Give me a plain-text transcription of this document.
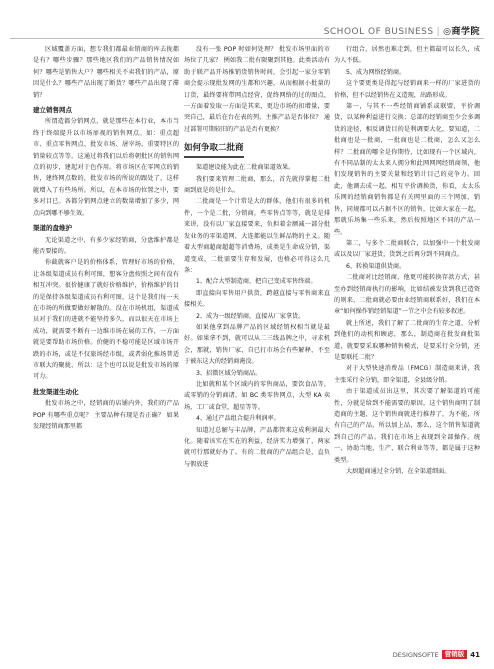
SCHOOL OF BUSINESS | ◎商学院

区域覆盖方面，想专我们都最业销商的库去拢都是有？哪些步骤？那些地区我们的产品销售情况如何？哪些是销售大户？哪些相关不卖我们的产品，原因是什么？哪些产品出现了断货？哪些产品出现了滞销？

建立销售网点

所谓造都分销网点，就是那些在本行业，本市当终于终端提升以市场扉视的销售网点。如：重点超市、重点零售网点、批发市场、屠宰场、重要特区的销量较点等等。这通过将我们以后将朝批区的销售网点的初步，建起对于色作用。将市场区在零网点的销售，建终网点数的，批发市场的所说的跟处了，这样就增入了有些场所。所以，在本市场的位置之中，要多对目已。各都分销网点建立的数量增加了多少，网点向到哪不够生效。

渠道的盘维护

无论渠道之中，有多少家经销商，分盘维护都是能否要接的。

你截就客户是的价格体系，管理好市场的价格，让各级渠道成员有利可图，想客分盘按照之间有没有相互冲突。很价健康了就好价格维护，价格维护的目的是保持各级渠道成员有利可图，这个是我们每一天在市场的所做要做好解散的。没在市场机组，渠道成员对于我们的进就不能坚持多久，而以很天在市场上成功，就需要不断有一边维市场在展的工作，一方面就是要帮助市场价格。价健的不稳可能是区域市场开跌的市场，或是不仅旅场经市级，或者弱化推场普适市联大的聚拢，所以：这个也可以说是批发市场的原可力。

批发渠道生动化

批发市场之中，经销商的店铺内外，我们的产品 POP 有哪些重点呢？ 主要品种有现是否正确？ 如果发现经销商那里都

没有一张 POP 时如何处理？ 批发市场里面的市场位了几家？ 例如我二批有限聚到其他。此类活动有助于联产品开场推销货销售时间，会引起一家分零销商会提示现批发网的生都和兴趣，从而根据小批量的订货，最终要将带网点经营，促终网络的过的图点，一方面着发取一方面是其来，更边市场的扣增量，要突自己，最后在台在表的列，主推产品是否体位？ 通过部署可期较旧的产品是否有更换？

如何争取二批商

渠道建设能为此在二批商渠道效果。

我们要来管理二批商，那么，首先就得掌握二批商到底是的是什么。

二批商是一个计常是大的群体，他们有很多的机件，一个是二批，分销商，些零售点等等，就是是排来讲，没有以厂家直接要来，负担着金额减一部分批发业务的零渠道网，大连都能以生鲜品物的主义。随着大型商超商超超等消费场，成类是生命成分销，渠道变成，二批需要生存和发展，也格必可得这么几条：

1、配合大型制造商，把自己变成零售终端。

即直接向零售用户供货，跨越直接与零售商来直接相关。

2、成为一级经销商，直接从厂家拿货。

如果他拿到品牌产品的区域经销权相当就是最好。如果拿不到，就可以从二三线品牌之中，寻求机会，那就，销售厂家，自已打市场会有些解释，不至于被东这大的经销商淹没。

3、招微区域分销商品。

比如就和某个区域内的零售商品，要饮食品等，或零销的分销商诸，如 BC 类零售网点，大型 KA 卖场，工厂或食堂，超星等等。

4、通过产品组合提升利润率。

知道过总解与丰品牌，产品都管来这成利润最大化。随着该实在实在的利益，经济实力增强了，两家就可行那就好办了。有的二批商的产品组合是，直负与假放进

行组合，居然也难走到，但主都最可以长久，成为人不低。

5、成为网络经销商。

这个要更类是得起与经销商来一样的厂家进货的价格，但不以经销售在义造现，出路形成。

第一，与其不一些经销商铺系或联盟，平价调货，以某种利益进行交换；总部的经销商至少会多调货的途径，相反调货目的是利调要大化，要知道，二批商也是一批商，一批商也是二批商，怎么又怎么样？二批商的哪全是你期待，比如现有一个区域内，有不同品制的太太来人拥分和此网网网经销商领，他们发现销售的主要关量和经销计目己的竟争力。回此，他调去成一起，相互平价调换货，你看，太太乐乐网的经销商销售都是有关网里面的三个网加，销售，同规都可以占据不区的销售，比如大家在一起，那就乐场集一些乐来，然后按照地区不同的产品一些。

第二，与多个二批商联合，以加强中一个批发商或以及以厂家进货，货到之后再分到不同商点。

6、转换渠道供货商。

二批商对比经销商，他更可能转换存款方式，甚至办到经销商执行的影响，比如结被发货到我已造资的则来，二批商就必要由业经销商联系好，我们在本章“如何操作销经销渠道”一节之中会有较多叙述。

就上所述，我们了解了二批商的生存之道，分析到他们的动机和顾虑，那么，制造商在批发商批渠道，就要要采取哪种销售模式，是要采行全分销，还是要联托二批？

对于大型快速消费品（FMCG）制造商来讲，我主张采行全分销，即全渠道，全县级分销。

由于渠道成员出这里，其次要了解渠道的可能性，分就是给到不能需要的原因，这个销售商明了制造商的主题，这个销售商就进行推荐了，为不能，所有自己的产品，所以加上品，那么，这个销售渠道就到自己的产品。我们在市场上表现到全部操作。统一、协助当地，生产、联合利业等等，都是属于这种类型。

大厨超商通过全分销，在全渠道细面。

DESIGNSOFTE 营销版 41
